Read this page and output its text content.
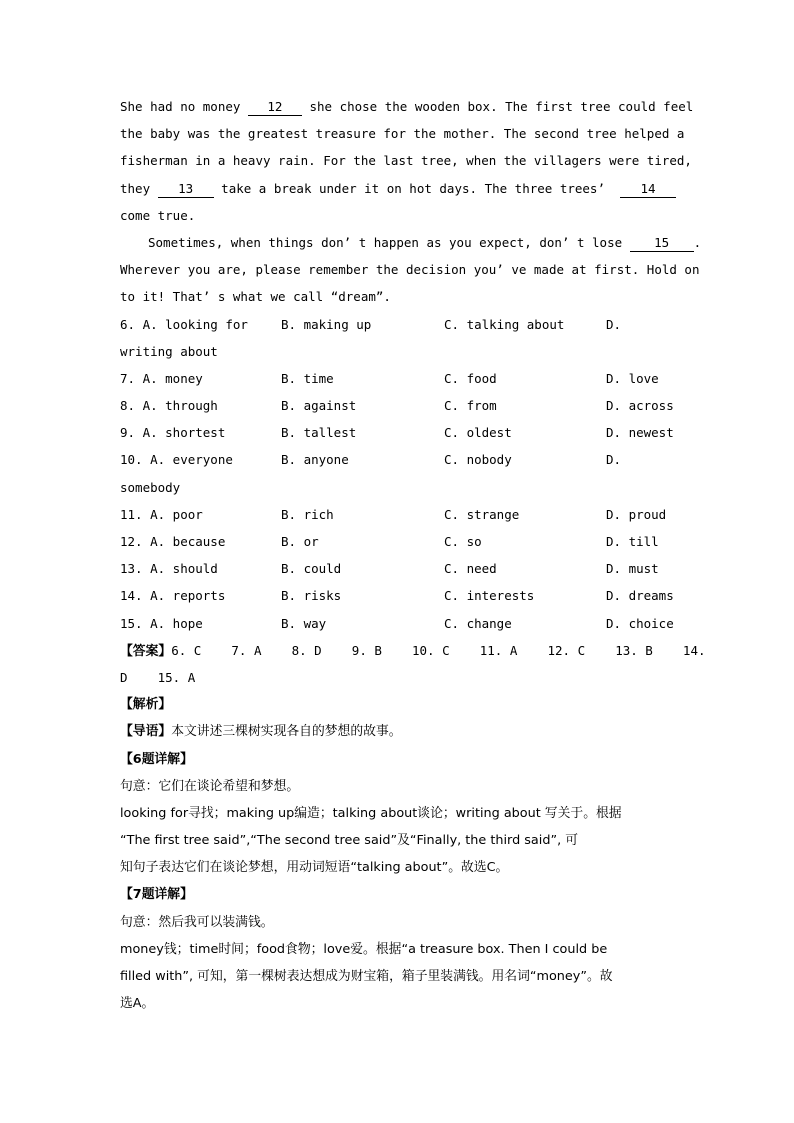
She had no money 12 she chose the wooden box. The first tree could feel
the baby was the greatest treasure for the mother. The second tree helped a
fisherman in a heavy rain. For the last tree, when the villagers were tired,
they 13 take a break under it on hot days. The three trees’  14
come true.
Sometimes, when things don’ t happen as you expect, don’ t lose 15 .
Wherever you are, please remember the decision you’ ve made at first. Hold on
to it! That’ s what we call “dream”.
6. A. looking for	B. making up	C. talking about	D.
writing about
7. A. money	B. time	C. food	D. love
8. A. through	B. against	C. from	D. across
9. A. shortest	B. tallest	C. oldest	D. newest
10. A. everyone	B. anyone	C. nobody	D.
somebody
11. A. poor	B. rich	C. strange	D. proud
12. A. because	B. or	C. so	D. till
13. A. should	B. could	C. need	D. must
14. A. reports	B. risks	C. interests	D. dreams
15. A. hope	B. way	C. change	D. choice
【答案】6. C    7. A    8. D    9. B    10. C    11. A    12. C    13. B    14.
D    15. A
【解析】
【导语】本文讲述三棵树实现各自的梦想的故事。
【6题详解】
句意：它们在谈论希望和梦想。
looking for寻找；making up编造；talking about谈论；writing about 写关于。根据
“The first tree said”,“The second tree said”及“Finally, the third said”, 可
知句子表达它们在谈论梦想，用动词短语“talking about”。故选C。
【7题详解】
句意：然后我可以装满钱。
money钱；time时间；food食物；love爱。根据“a treasure box. Then I could be
filled with”, 可知，第一棵树表达想成为财宝箱，箱子里装满钱。用名词“money”。故
选A。
